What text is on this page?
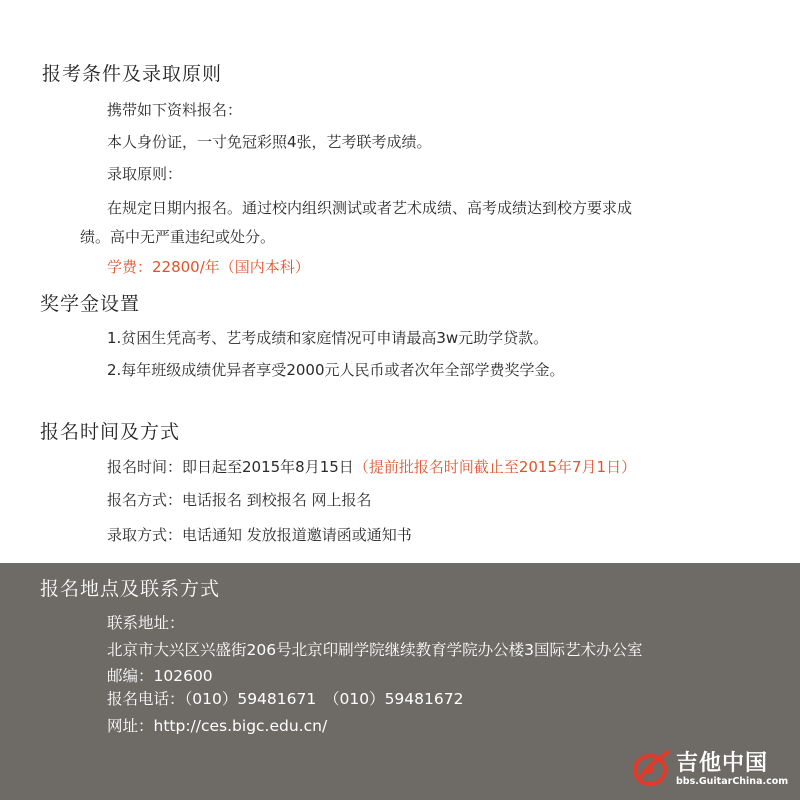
报考条件及录取原则
携带如下资料报名：
本人身份证，一寸免冠彩照4张，艺考联考成绩。
录取原则：
在规定日期内报名。通过校内组织测试或者艺术成绩、高考成绩达到校方要求成
绩。高中无严重违纪或处分。
学费：22800/年（国内本科）
奖学金设置
1.贫困生凭高考、艺考成绩和家庭情况可申请最高3w元助学贷款。
2.每年班级成绩优异者享受2000元人民币或者次年全部学费奖学金。
报名时间及方式
报名时间：即日起至2015年8月15日（提前批报名时间截止至2015年7月1日）
报名方式：电话报名 到校报名 网上报名
录取方式：电话通知 发放报道邀请函或通知书
报名地点及联系方式
联系地址：
北京市大兴区兴盛街206号北京印刷学院继续教育学院办公楼3国际艺术办公室
邮编：102600
报名电话：（010）59481671　（010）59481672
网址：http://ces.bigc.edu.cn/
吉他中国
bbs.GuitarChina.com
